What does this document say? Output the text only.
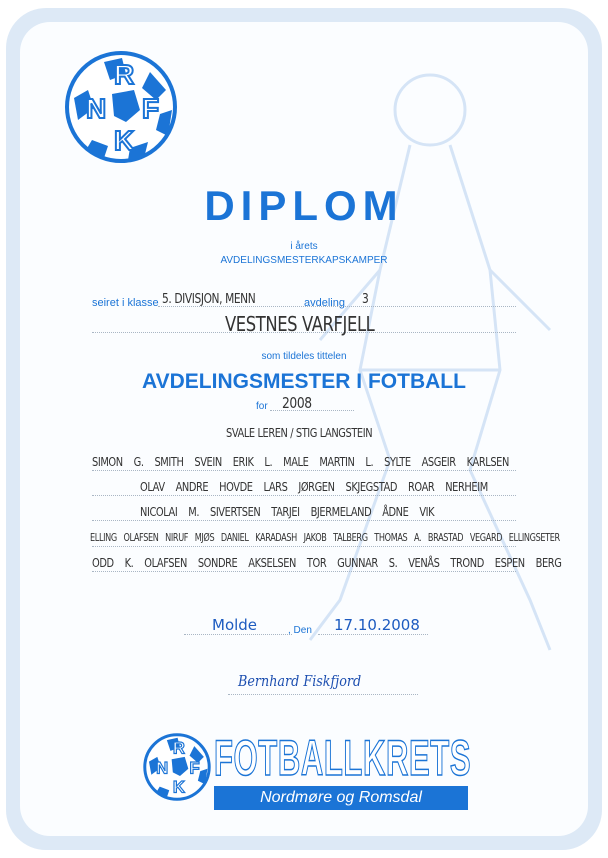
R
N F
K
DIPLOM
i årets
AVDELINGSMESTERKAPSKAMPER
seiret i klasse 5. DIVISJON, MENN	avdeling 3
VESTNES VARFJELL
som tildeles tittelen
AVDELINGSMESTER I FOTBALL
for 2008
SVALE LEREN / STIG LANGSTEIN
SIMON G. SMITH SVEIN ERIK L. MALE MARTIN L. SYLTE ASGEIR KARLSEN
OLAV ANDRE HOVDE LARS JØRGEN SKJEGSTAD ROAR NERHEIM
NICOLAI M. SIVERTSEN TARJEI BJERMELAND ÅDNE VIK
ELLING OLAFSEN NIRUF MJØS DANIEL KARADASH JAKOB TALBERG THOMAS A. BRASTAD VEGARD ELLINGSETER
ODD K. OLAFSEN SONDRE AKSELSEN TOR GUNNAR S. VENÅS TROND ESPEN BERG
Molde	, Den 17.10.2008
Bernhard Fiskfjord
R
N F
K
FOTBALLKRETS
Nordmøre og Romsdal
